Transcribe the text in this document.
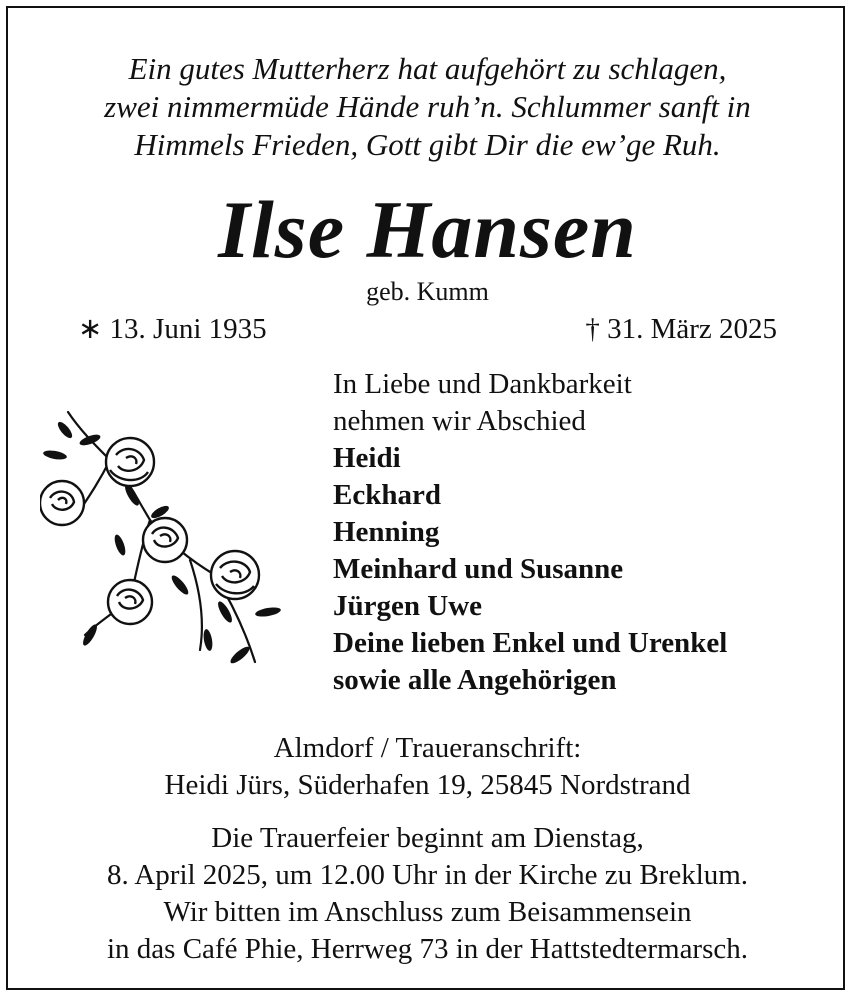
Ein gutes Mutterherz hat aufgehört zu schlagen,
zwei nimmermüde Hände ruh’n. Schlummer sanft in
Himmels Frieden, Gott gibt Dir die ew’ge Ruh.
Ilse Hansen
geb. Kumm
∗ 13. Juni 1935	† 31. März 2025
In Liebe und Dankbarkeit
nehmen wir Abschied
Heidi
Eckhard
Henning
Meinhard und Susanne
Jürgen Uwe
Deine lieben Enkel und Urenkel
sowie alle Angehörigen
Almdorf / Traueranschrift:
Heidi Jürs, Süderhafen 19, 25845 Nordstrand
Die Trauerfeier beginnt am Dienstag,
8. April 2025, um 12.00 Uhr in der Kirche zu Breklum.
Wir bitten im Anschluss zum Beisammensein
in das Café Phie, Herrweg 73 in der Hattstedtermarsch.
